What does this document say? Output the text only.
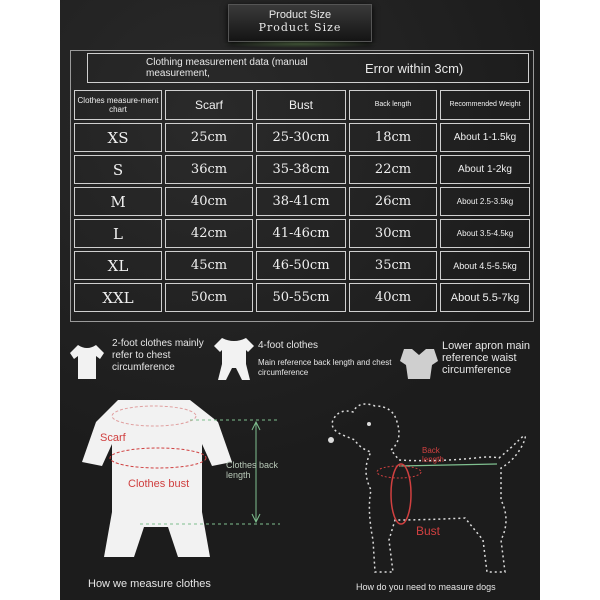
Product Size
Product Size
Clothing measurement data (manual measurement,	Error within 3cm)
Clothes measure-ment chart	Scarf	Bust	Back length	Recommended Weight
XS	25cm	25-30cm	18cm	About 1-1.5kg
S	36cm	35-38cm	22cm	About 1-2kg
M	40cm	38-41cm	26cm	About 2.5-3.5kg
L	42cm	41-46cm	30cm	About 3.5-4.5kg
XL	45cm	46-50cm	35cm	About 4.5-5.5kg
XXL	50cm	50-55cm	40cm	About 5.5-7kg
2-foot clothes mainly refer to chest circumference
4-foot clothes
Main reference back length and chest circumference
Lower apron main reference waist circumference
Scarf
Clothes bust
Clothes back length
How we measure clothes
Back length
Bust
How do you need to measure dogs
